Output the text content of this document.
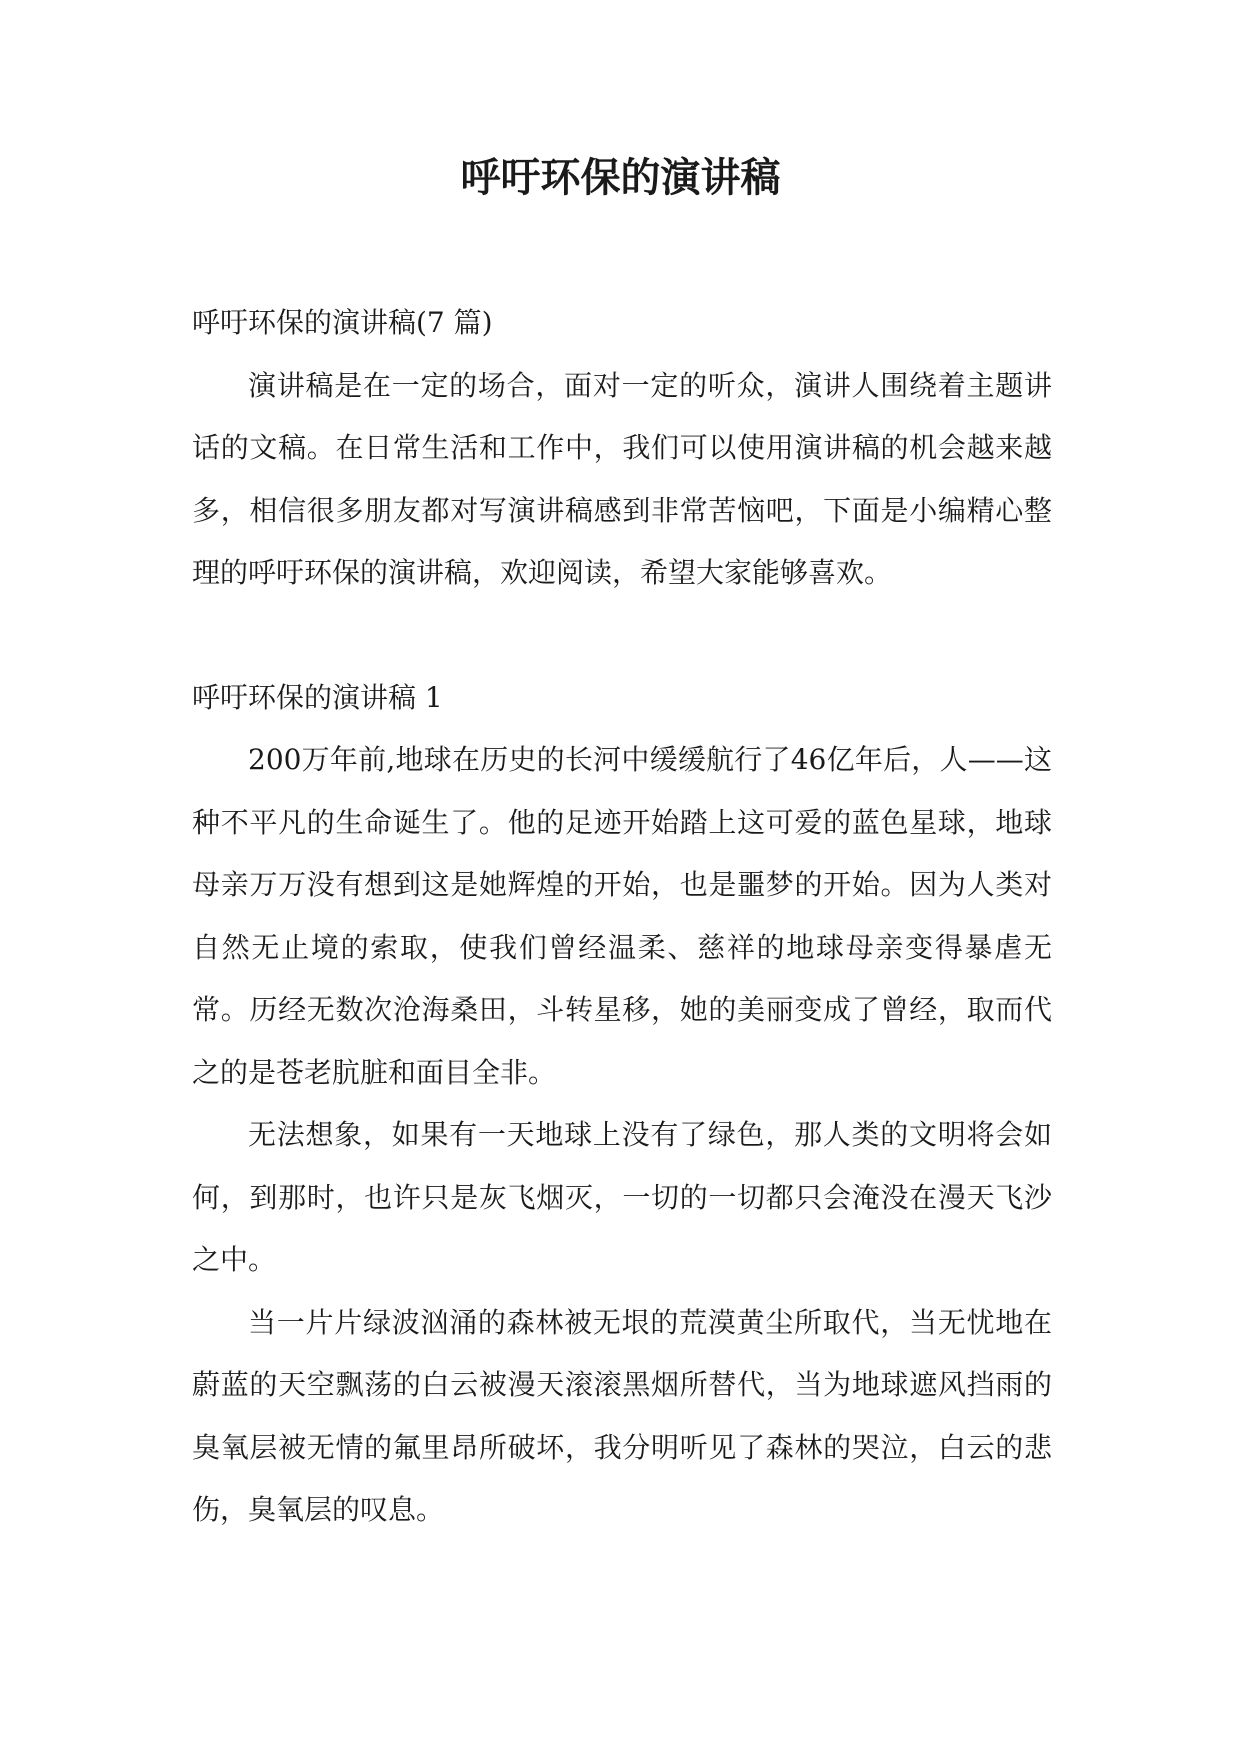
呼吁环保的演讲稿

呼吁环保的演讲稿(7 篇)

演讲稿是在一定的场合，面对一定的听众，演讲人围绕着主题讲话的文稿。在日常生活和工作中，我们可以使用演讲稿的机会越来越多，相信很多朋友都对写演讲稿感到非常苦恼吧，下面是小编精心整理的呼吁环保的演讲稿，欢迎阅读，希望大家能够喜欢。

呼吁环保的演讲稿 1

200万年前,地球在历史的长河中缓缓航行了46亿年后，人——这种不平凡的生命诞生了。他的足迹开始踏上这可爱的蓝色星球，地球母亲万万没有想到这是她辉煌的开始，也是噩梦的开始。因为人类对自然无止境的索取，使我们曾经温柔、慈祥的地球母亲变得暴虐无常。历经无数次沧海桑田，斗转星移，她的美丽变成了曾经，取而代之的是苍老肮脏和面目全非。

无法想象，如果有一天地球上没有了绿色，那人类的文明将会如何，到那时，也许只是灰飞烟灭，一切的一切都只会淹没在漫天飞沙之中。

当一片片绿波汹涌的森林被无垠的荒漠黄尘所取代，当无忧地在蔚蓝的天空飘荡的白云被漫天滚滚黑烟所替代，当为地球遮风挡雨的臭氧层被无情的氟里昂所破坏，我分明听见了森林的哭泣，白云的悲伤，臭氧层的叹息。
